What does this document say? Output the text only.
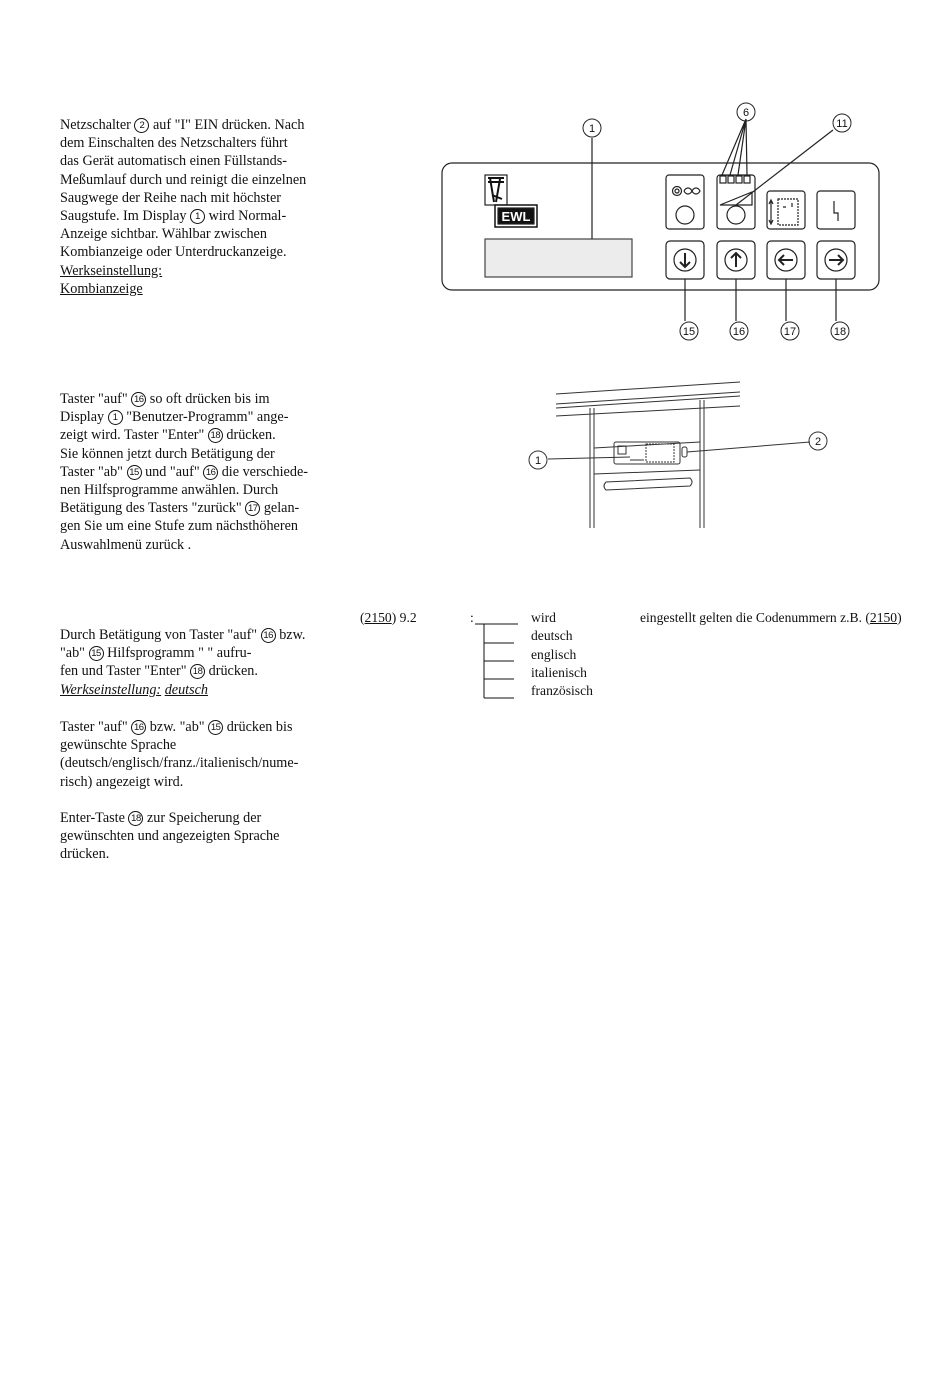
Netzschalter 2 auf "I" EIN drücken. Nach
dem Einschalten des Netzschalters führt
das Gerät automatisch einen Füllstands-
Meßumlauf durch und reinigt die einzelnen
Saugwege der Reihe nach mit höchster
Saugstufe. Im Display 1 wird Normal-
Anzeige sichtbar. Wählbar zwischen
Kombianzeige oder Unterdruckanzeige.
Werkseinstellung:
Kombianzeige
Taster "auf" 16 so oft drücken bis im
Display 1 "Benutzer-Programm" ange-
zeigt wird. Taster "Enter" 18 drücken.
Sie können jetzt durch Betätigung der
Taster "ab" 15 und "auf" 16 die verschiede-
nen Hilfsprogramme anwählen. Durch
Betätigung des Tasters "zurück" 17 gelan-
gen Sie um eine Stufe zum nächsthöheren
Auswahlmenü zurück .
Durch Betätigung von Taster "auf" 16 bzw.
"ab" 15 Hilfsprogramm " " aufru-
fen und Taster "Enter" 18 drücken.
Werkseinstellung: deutsch
Taster "auf" 16 bzw. "ab" 15 drücken bis
gewünschte Sprache
(deutsch/englisch/franz./italienisch/nume-
risch) angezeigt wird.
Enter-Taste 18 zur Speicherung der
gewünschten und angezeigten Sprache
drücken.
EWL
1
6
11
15	16	17	18
1
2
(2150) 9.2	:	wird	eingestellt gelten die Codenummern z.B. (2150)
deutsch
englisch
italienisch
französisch
